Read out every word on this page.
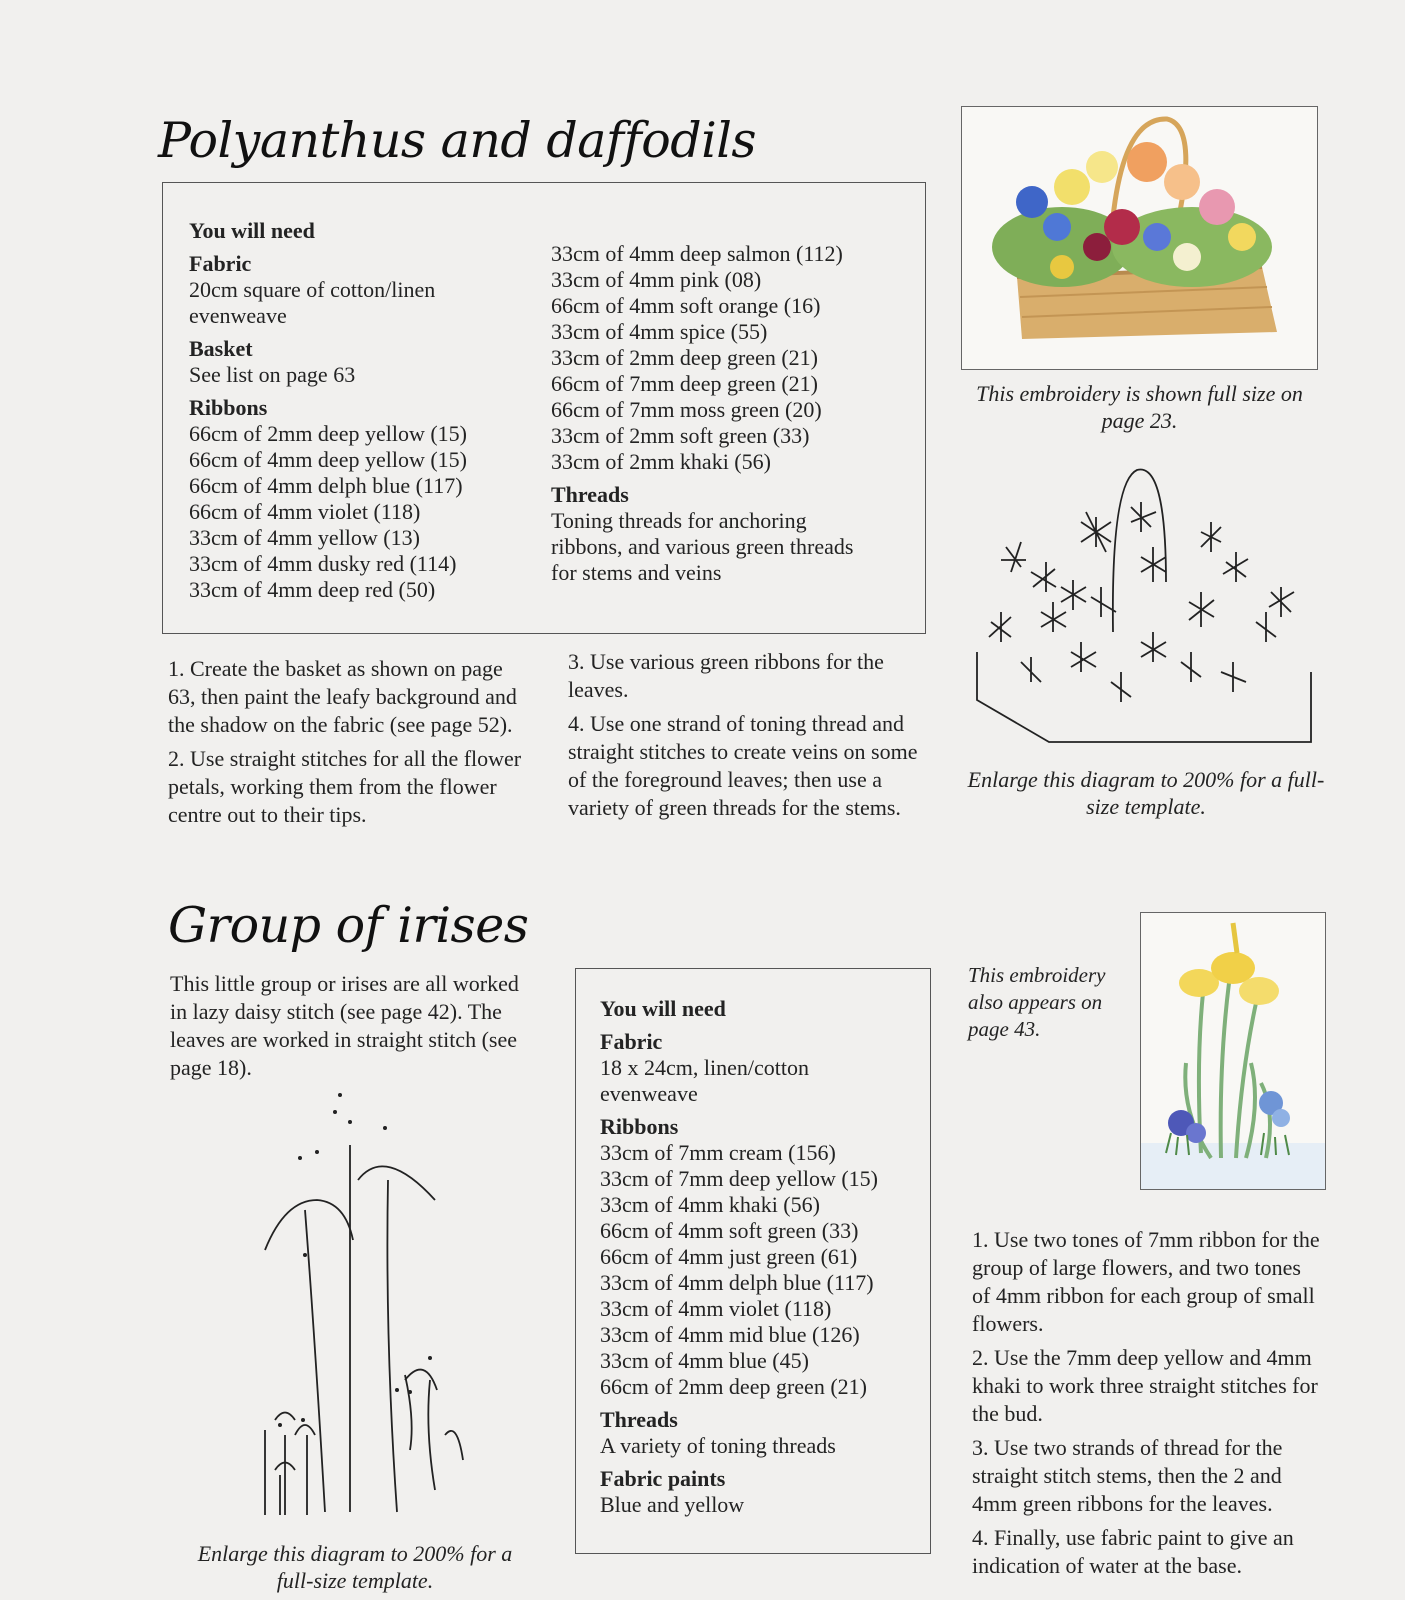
Polyanthus and daffodils
You will need
Fabric
20cm square of cotton/linen
evenweave
Basket
See list on page 63
Ribbons
66cm of 2mm deep yellow (15)
66cm of 4mm deep yellow (15)
66cm of 4mm delph blue (117)
66cm of 4mm violet (118)
33cm of 4mm yellow (13)
33cm of 4mm dusky red (114)
33cm of 4mm deep red (50)
33cm of 4mm deep salmon (112)
33cm of 4mm pink (08)
66cm of 4mm soft orange (16)
33cm of 4mm spice (55)
33cm of 2mm deep green (21)
66cm of 7mm deep green (21)
66cm of 7mm moss green (20)
33cm of 2mm soft green (33)
33cm of 2mm khaki (56)
Threads
Toning threads for anchoring
ribbons, and various green threads
for stems and veins
1. Create the basket as shown on page 63, then paint the leafy background and the shadow on the fabric (see page 52).
2. Use straight stitches for all the flower petals, working them from the flower centre out to their tips.
3. Use various green ribbons for the leaves.
4. Use one strand of toning thread and straight stitches to create veins on some of the foreground leaves; then use a variety of green threads for the stems.
This embroidery is shown full size on page 23.
Enlarge this diagram to 200% for a full-size template.
Group of irises
This little group or irises are all worked in lazy daisy stitch (see page 42). The leaves are worked in straight stitch (see page 18).
Enlarge this diagram to 200% for a full-size template.
You will need
Fabric
18 x 24cm, linen/cotton
evenweave
Ribbons
33cm of 7mm cream (156)
33cm of 7mm deep yellow (15)
33cm of 4mm khaki (56)
66cm of 4mm soft green (33)
66cm of 4mm just green (61)
33cm of 4mm delph blue (117)
33cm of 4mm violet (118)
33cm of 4mm mid blue (126)
33cm of 4mm blue (45)
66cm of 2mm deep green (21)
Threads
A variety of toning threads
Fabric paints
Blue and yellow
This embroidery also appears on page 43.
1. Use two tones of 7mm ribbon for the group of large flowers, and two tones of 4mm ribbon for each group of small flowers.
2. Use the 7mm deep yellow and 4mm khaki to work three straight stitches for the bud.
3. Use two strands of thread for the straight stitch stems, then the 2 and 4mm green ribbons for the leaves.
4. Finally, use fabric paint to give an indication of water at the base.
